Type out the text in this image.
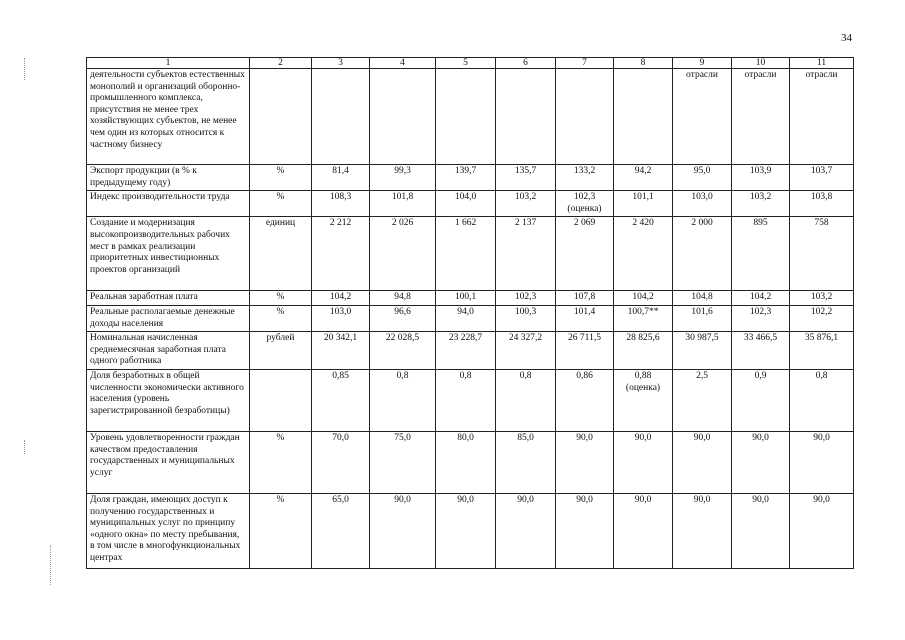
34
1	2	3	4	5	6	7	8	9	10	11
деятельности субъектов естественных монополий и организаций оборонно-промышленного комплекса, присутствия не менее трех хозяйствующих субъектов, не менее чем один из которых относится к частному бизнесу								отрасли	отрасли	отрасли
Экспорт продукции (в % к предыдущему году)	%	81,4	99,3	139,7	135,7	133,2	94,2	95,0	103,9	103,7
Индекс производительности труда	%	108,3	101,8	104,0	103,2	102,3 (оценка)	101,1	103,0	103,2	103,8
Создание и модернизация высокопроизводительных рабочих мест в рамках реализации приоритетных инвестиционных проектов организаций	единиц	2 212	2 026	1 662	2 137	2 069	2 420	2 000	895	758
Реальная заработная плата	%	104,2	94,8	100,1	102,3	107,8	104,2	104,8	104,2	103,2
Реальные располагаемые денежные доходы населения	%	103,0	96,6	94,0	100,3	101,4	100,7**	101,6	102,3	102,2
Номинальная начисленная среднемесячная заработная плата одного работника	рублей	20 342,1	22 028,5	23 228,7	24 327,2	26 711,5	28 825,6	30 987,5	33 466,5	35 876,1
Доля безработных в общей численности экономически активного населения (уровень зарегистрированной безработицы)		0,85	0,8	0,8	0,8	0,86	0,88 (оценка)	2,5	0,9	0,8
Уровень удовлетворенности граждан качеством предоставления государственных и муниципальных услуг	%	70,0	75,0	80,0	85,0	90,0	90,0	90,0	90,0	90,0
Доля граждан, имеющих доступ к получению государственных и муниципальных услуг по принципу «одного окна» по месту пребывания, в том числе в многофункциональных центрах	%	65,0	90,0	90,0	90,0	90,0	90,0	90,0	90,0	90,0
